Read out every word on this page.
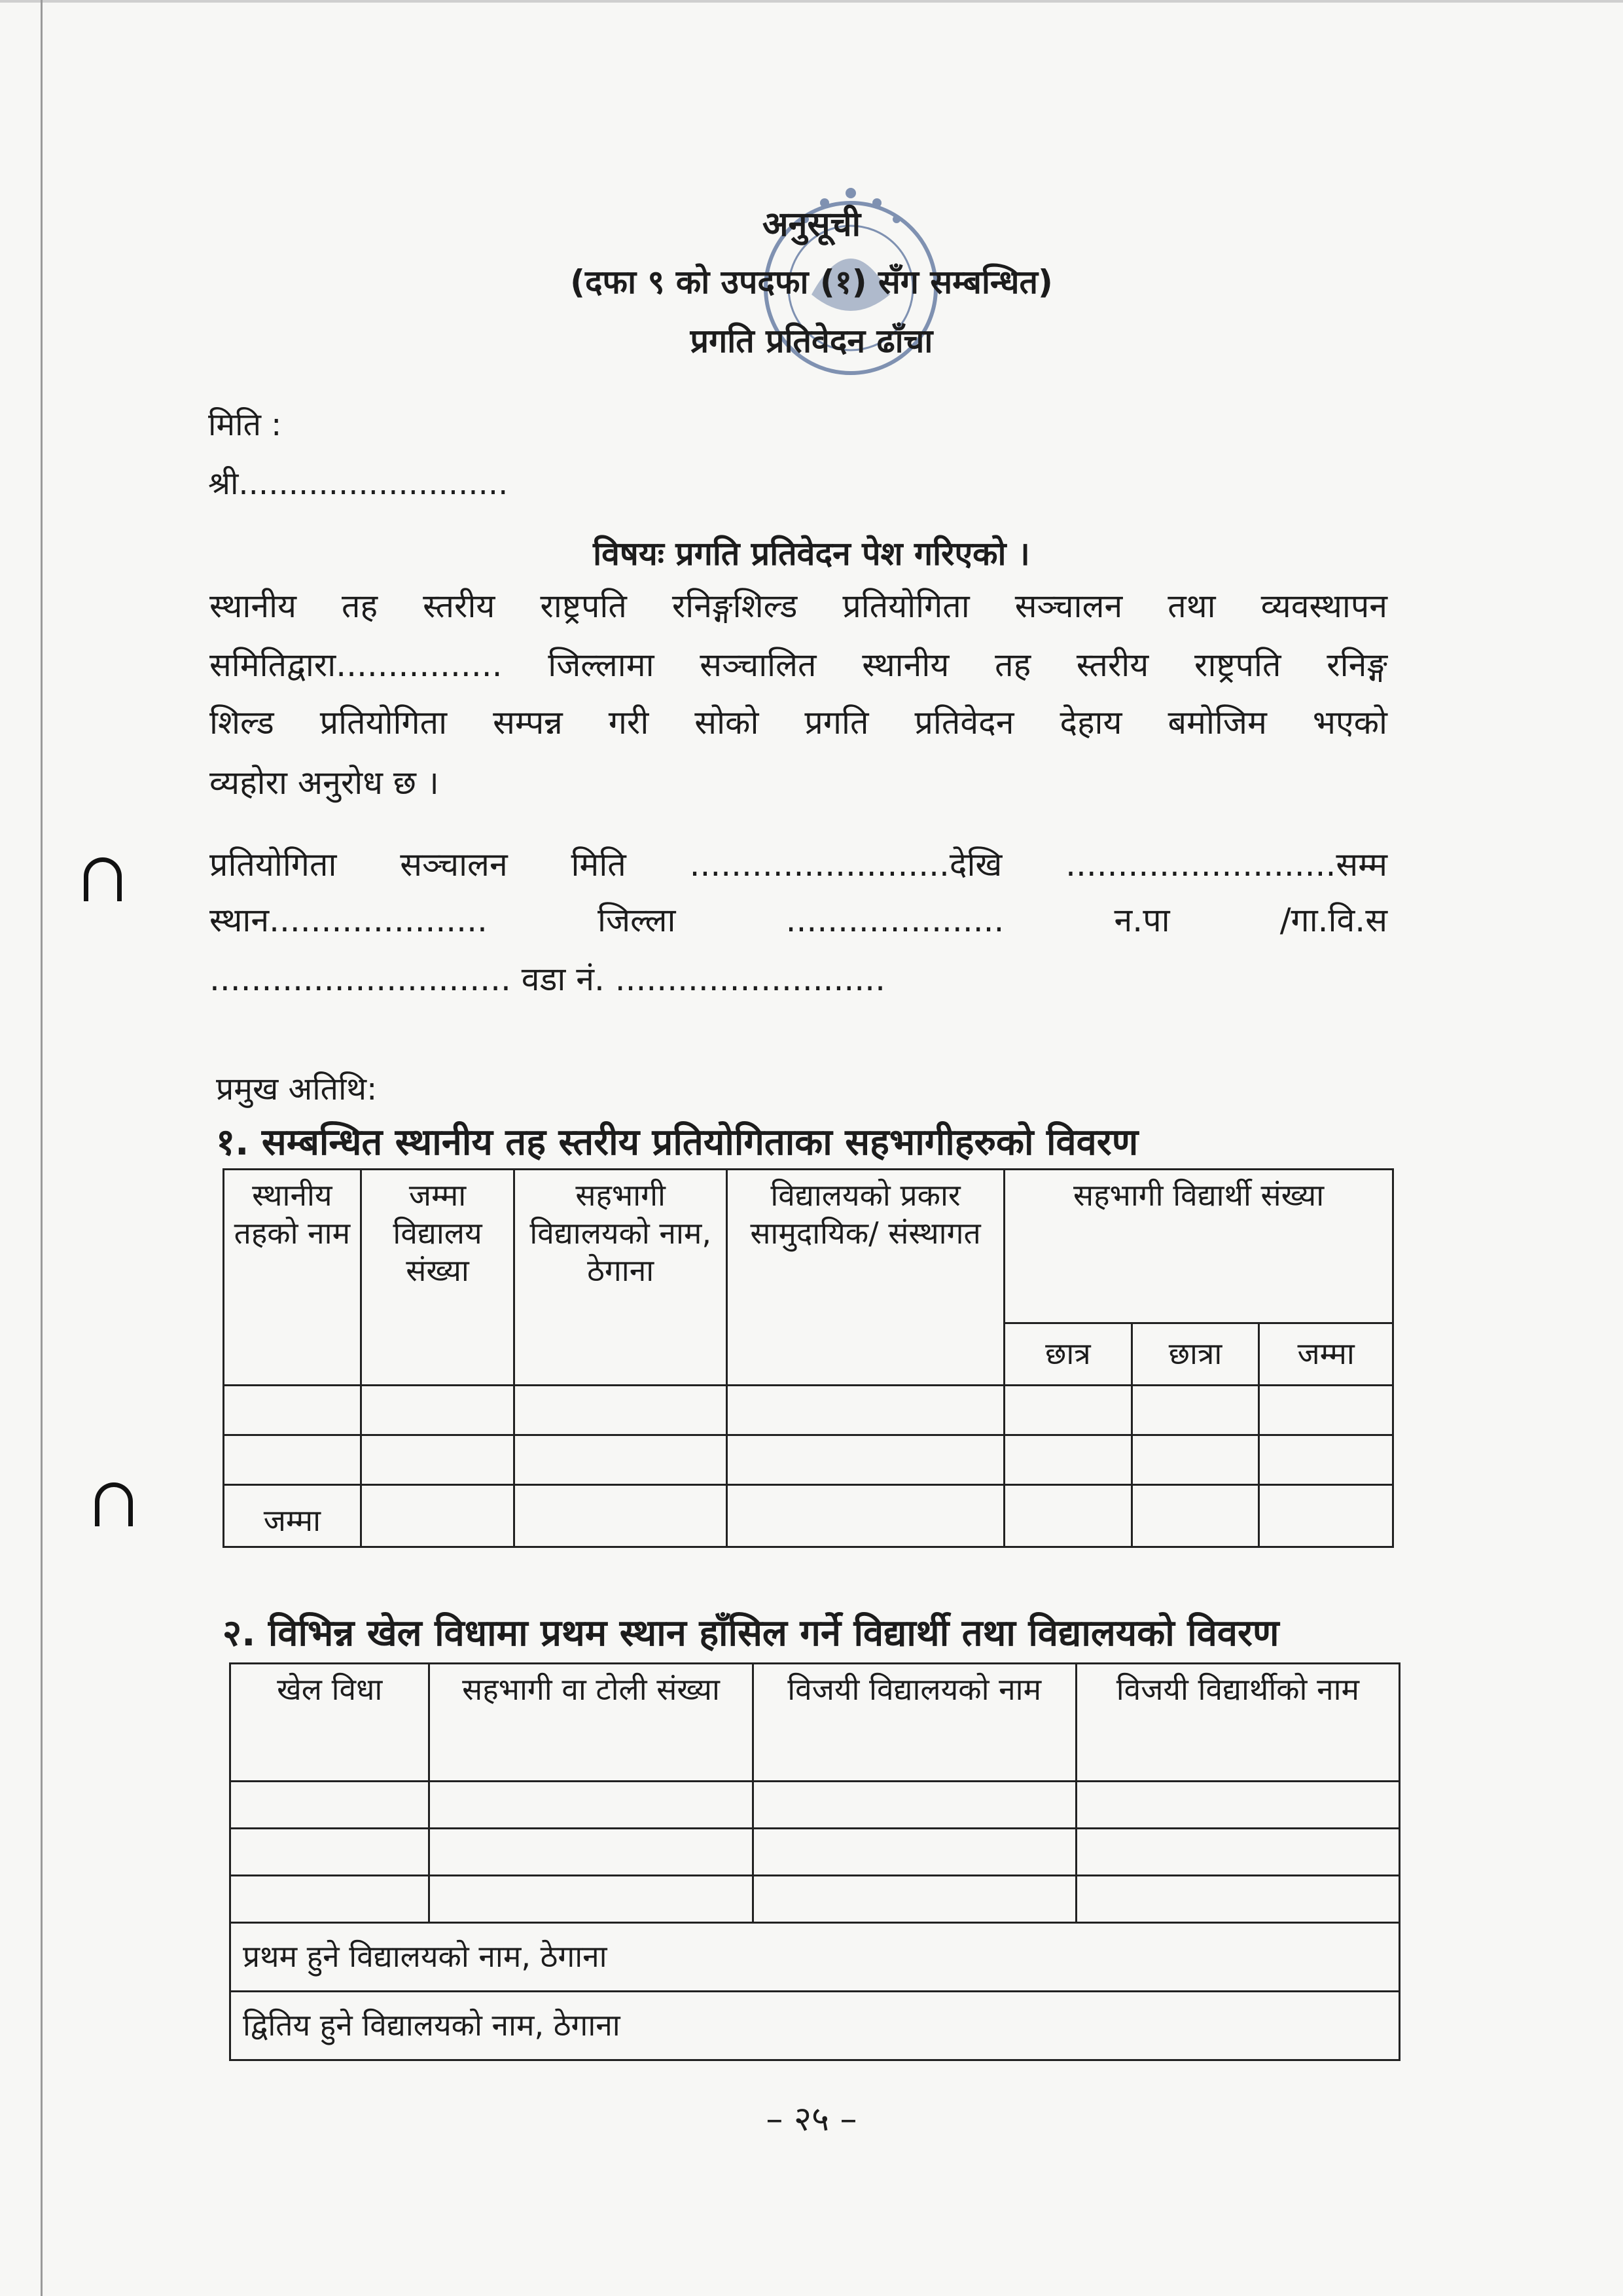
अनुसूची
(दफा ९ को उपदफा (१) सँग सम्बन्धित)
प्रगति प्रतिवेदन ढाँचा
मिति :
श्री...........................
विषयः प्रगति प्रतिवेदन पेश गरिएको ।
स्थानीय तह स्तरीय राष्ट्रपति रनिङ्गशिल्ड प्रतियोगिता सञ्चालन तथा व्यवस्थापन
समितिद्वारा................ जिल्लामा सञ्चालित स्थानीय तह स्तरीय राष्ट्रपति रनिङ्ग
शिल्ड प्रतियोगिता सम्पन्न गरी सोको प्रगति प्रतिवेदन देहाय बमोजिम भएको
व्यहोरा अनुरोध छ ।
प्रतियोगिता सञ्चालन मिति .........................देखि ..........................सम्म
स्थान..................... जिल्ला ..................... न.पा /गा.वि.स
............................. वडा नं. ..........................
प्रमुख अतिथि:
१. सम्बन्धित स्थानीय तह स्तरीय प्रतियोगिताका सहभागीहरुको विवरण
स्थानीय तहको नाम	जम्मा विद्यालय संख्या	सहभागी विद्यालयको नाम, ठेगाना	विद्यालयको प्रकार सामुदायिक/ संस्थागत	सहभागी विद्यार्थी संख्या		
				छात्र	छात्रा	जम्मा

जम्मा						
२. विभिन्न खेल विधामा प्रथम स्थान हाँसिल गर्ने विद्यार्थी तथा विद्यालयको विवरण
खेल विधा	सहभागी वा टोली संख्या	विजयी विद्यालयको नाम	विजयी विद्यार्थीको नाम

प्रथम हुने विद्यालयको नाम, ठेगाना			
द्वितिय हुने विद्यालयको नाम, ठेगाना			
– २५ –
